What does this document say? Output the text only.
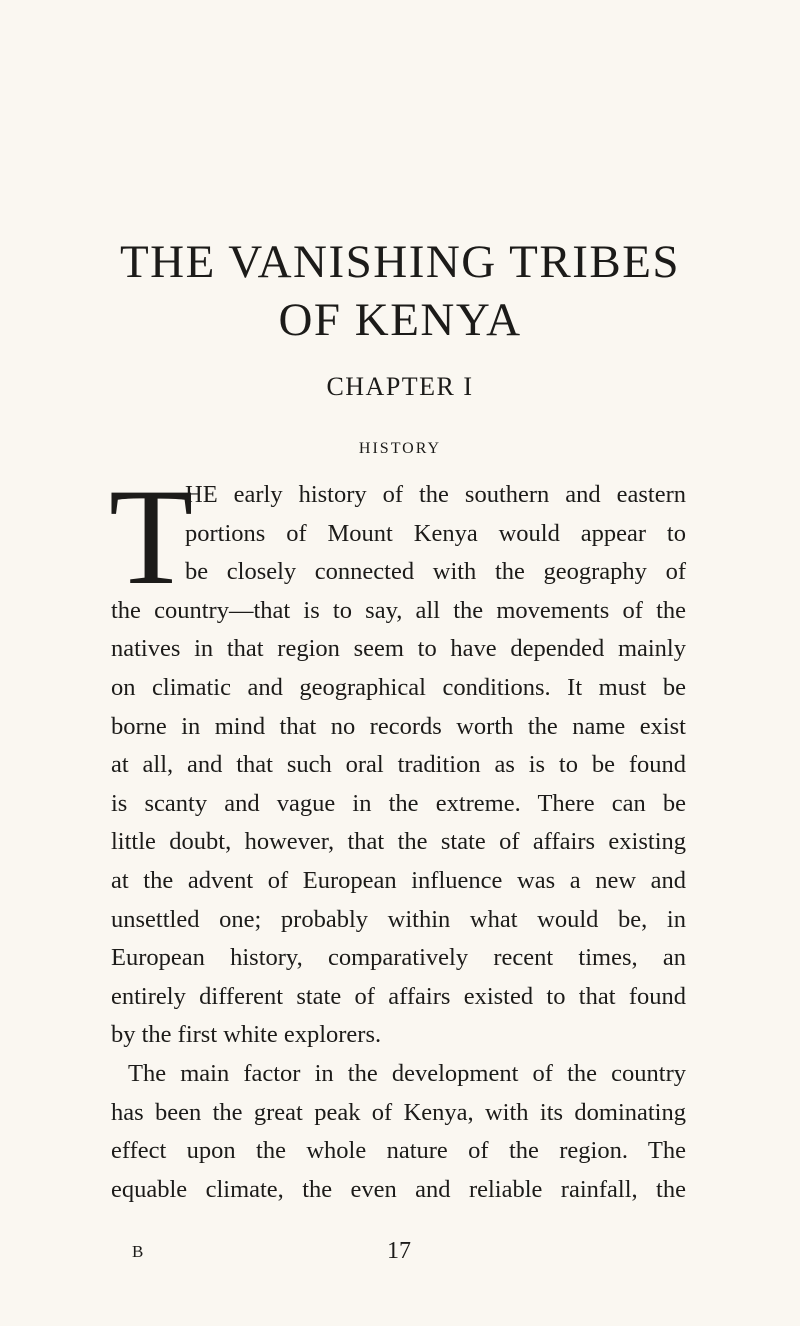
THE VANISHING TRIBES
OF KENYA
CHAPTER I
HISTORY
T
HE early history of the southern and eastern
portions of Mount Kenya would appear to
be closely connected with the geography of
the country—that is to say, all the movements of the
natives in that region seem to have depended mainly
on climatic and geographical conditions. It must be
borne in mind that no records worth the name exist
at all, and that such oral tradition as is to be found
is scanty and vague in the extreme. There can be
little doubt, however, that the state of affairs existing
at the advent of European influence was a new and
unsettled one; probably within what would be, in
European history, comparatively recent times, an
entirely different state of affairs existed to that found
by the first white explorers.
The main factor in the development of the country
has been the great peak of Kenya, with its dominating
effect upon the whole nature of the region. The
equable climate, the even and reliable rainfall, the
B	17
